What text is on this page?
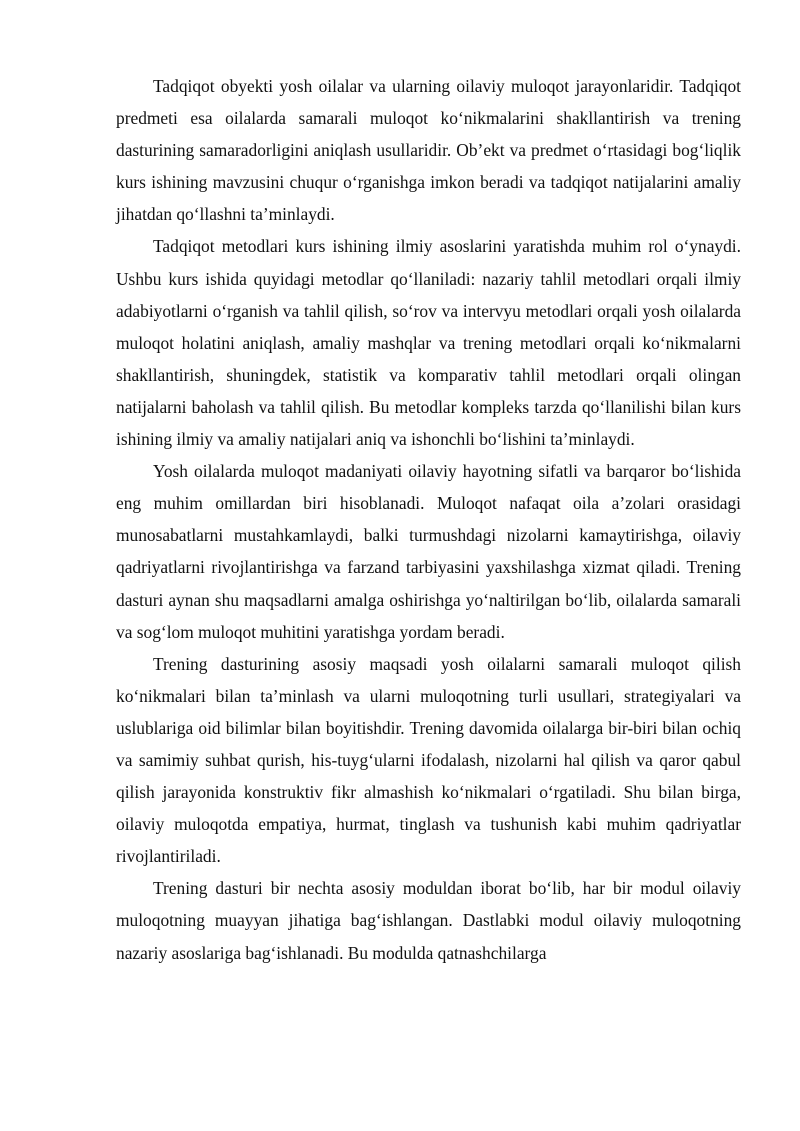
Tadqiqot obyekti yosh oilalar va ularning oilaviy muloqot jarayonlaridir. Tadqiqot predmeti esa oilalarda samarali muloqot ko‘nikmalarini shakllantirish va trening dasturining samaradorligini aniqlash usullaridir. Ob’ekt va predmet o‘rtasidagi bog‘liqlik kurs ishining mavzusini chuqur o‘rganishga imkon beradi va tadqiqot natijalarini amaliy jihatdan qo‘llashni ta’minlaydi.

Tadqiqot metodlari kurs ishining ilmiy asoslarini yaratishda muhim rol o‘ynaydi. Ushbu kurs ishida quyidagi metodlar qo‘llaniladi: nazariy tahlil metodlari orqali ilmiy adabiyotlarni o‘rganish va tahlil qilish, so‘rov va intervyu metodlari orqali yosh oilalarda muloqot holatini aniqlash, amaliy mashqlar va trening metodlari orqali ko‘nikmalarni shakllantirish, shuningdek, statistik va komparativ tahlil metodlari orqali olingan natijalarni baholash va tahlil qilish. Bu metodlar kompleks tarzda qo‘llanilishi bilan kurs ishining ilmiy va amaliy natijalari aniq va ishonchli bo‘lishini ta’minlaydi.

Yosh oilalarda muloqot madaniyati oilaviy hayotning sifatli va barqaror bo‘lishida eng muhim omillardan biri hisoblanadi. Muloqot nafaqat oila a’zolari orasidagi munosabatlarni mustahkamlaydi, balki turmushdagi nizolarni kamaytirishga, oilaviy qadriyatlarni rivojlantirishga va farzand tarbiyasini yaxshilashga xizmat qiladi. Trening dasturi aynan shu maqsadlarni amalga oshirishga yo‘naltirilgan bo‘lib, oilalarda samarali va sog‘lom muloqot muhitini yaratishga yordam beradi.

Trening dasturining asosiy maqsadi yosh oilalarni samarali muloqot qilish ko‘nikmalari bilan ta’minlash va ularni muloqotning turli usullari, strategiyalari va uslublariga oid bilimlar bilan boyitishdir. Trening davomida oilalarga bir-biri bilan ochiq va samimiy suhbat qurish, his-tuyg‘ularni ifodalash, nizolarni hal qilish va qaror qabul qilish jarayonida konstruktiv fikr almashish ko‘nikmalari o‘rgatiladi. Shu bilan birga, oilaviy muloqotda empatiya, hurmat, tinglash va tushunish kabi muhim qadriyatlar rivojlantiriladi.

Trening dasturi bir nechta asosiy moduldan iborat bo‘lib, har bir modul oilaviy muloqotning muayyan jihatiga bag‘ishlangan. Dastlabki modul oilaviy muloqotning nazariy asoslariga bag‘ishlanadi. Bu modulda qatnashchilarga
